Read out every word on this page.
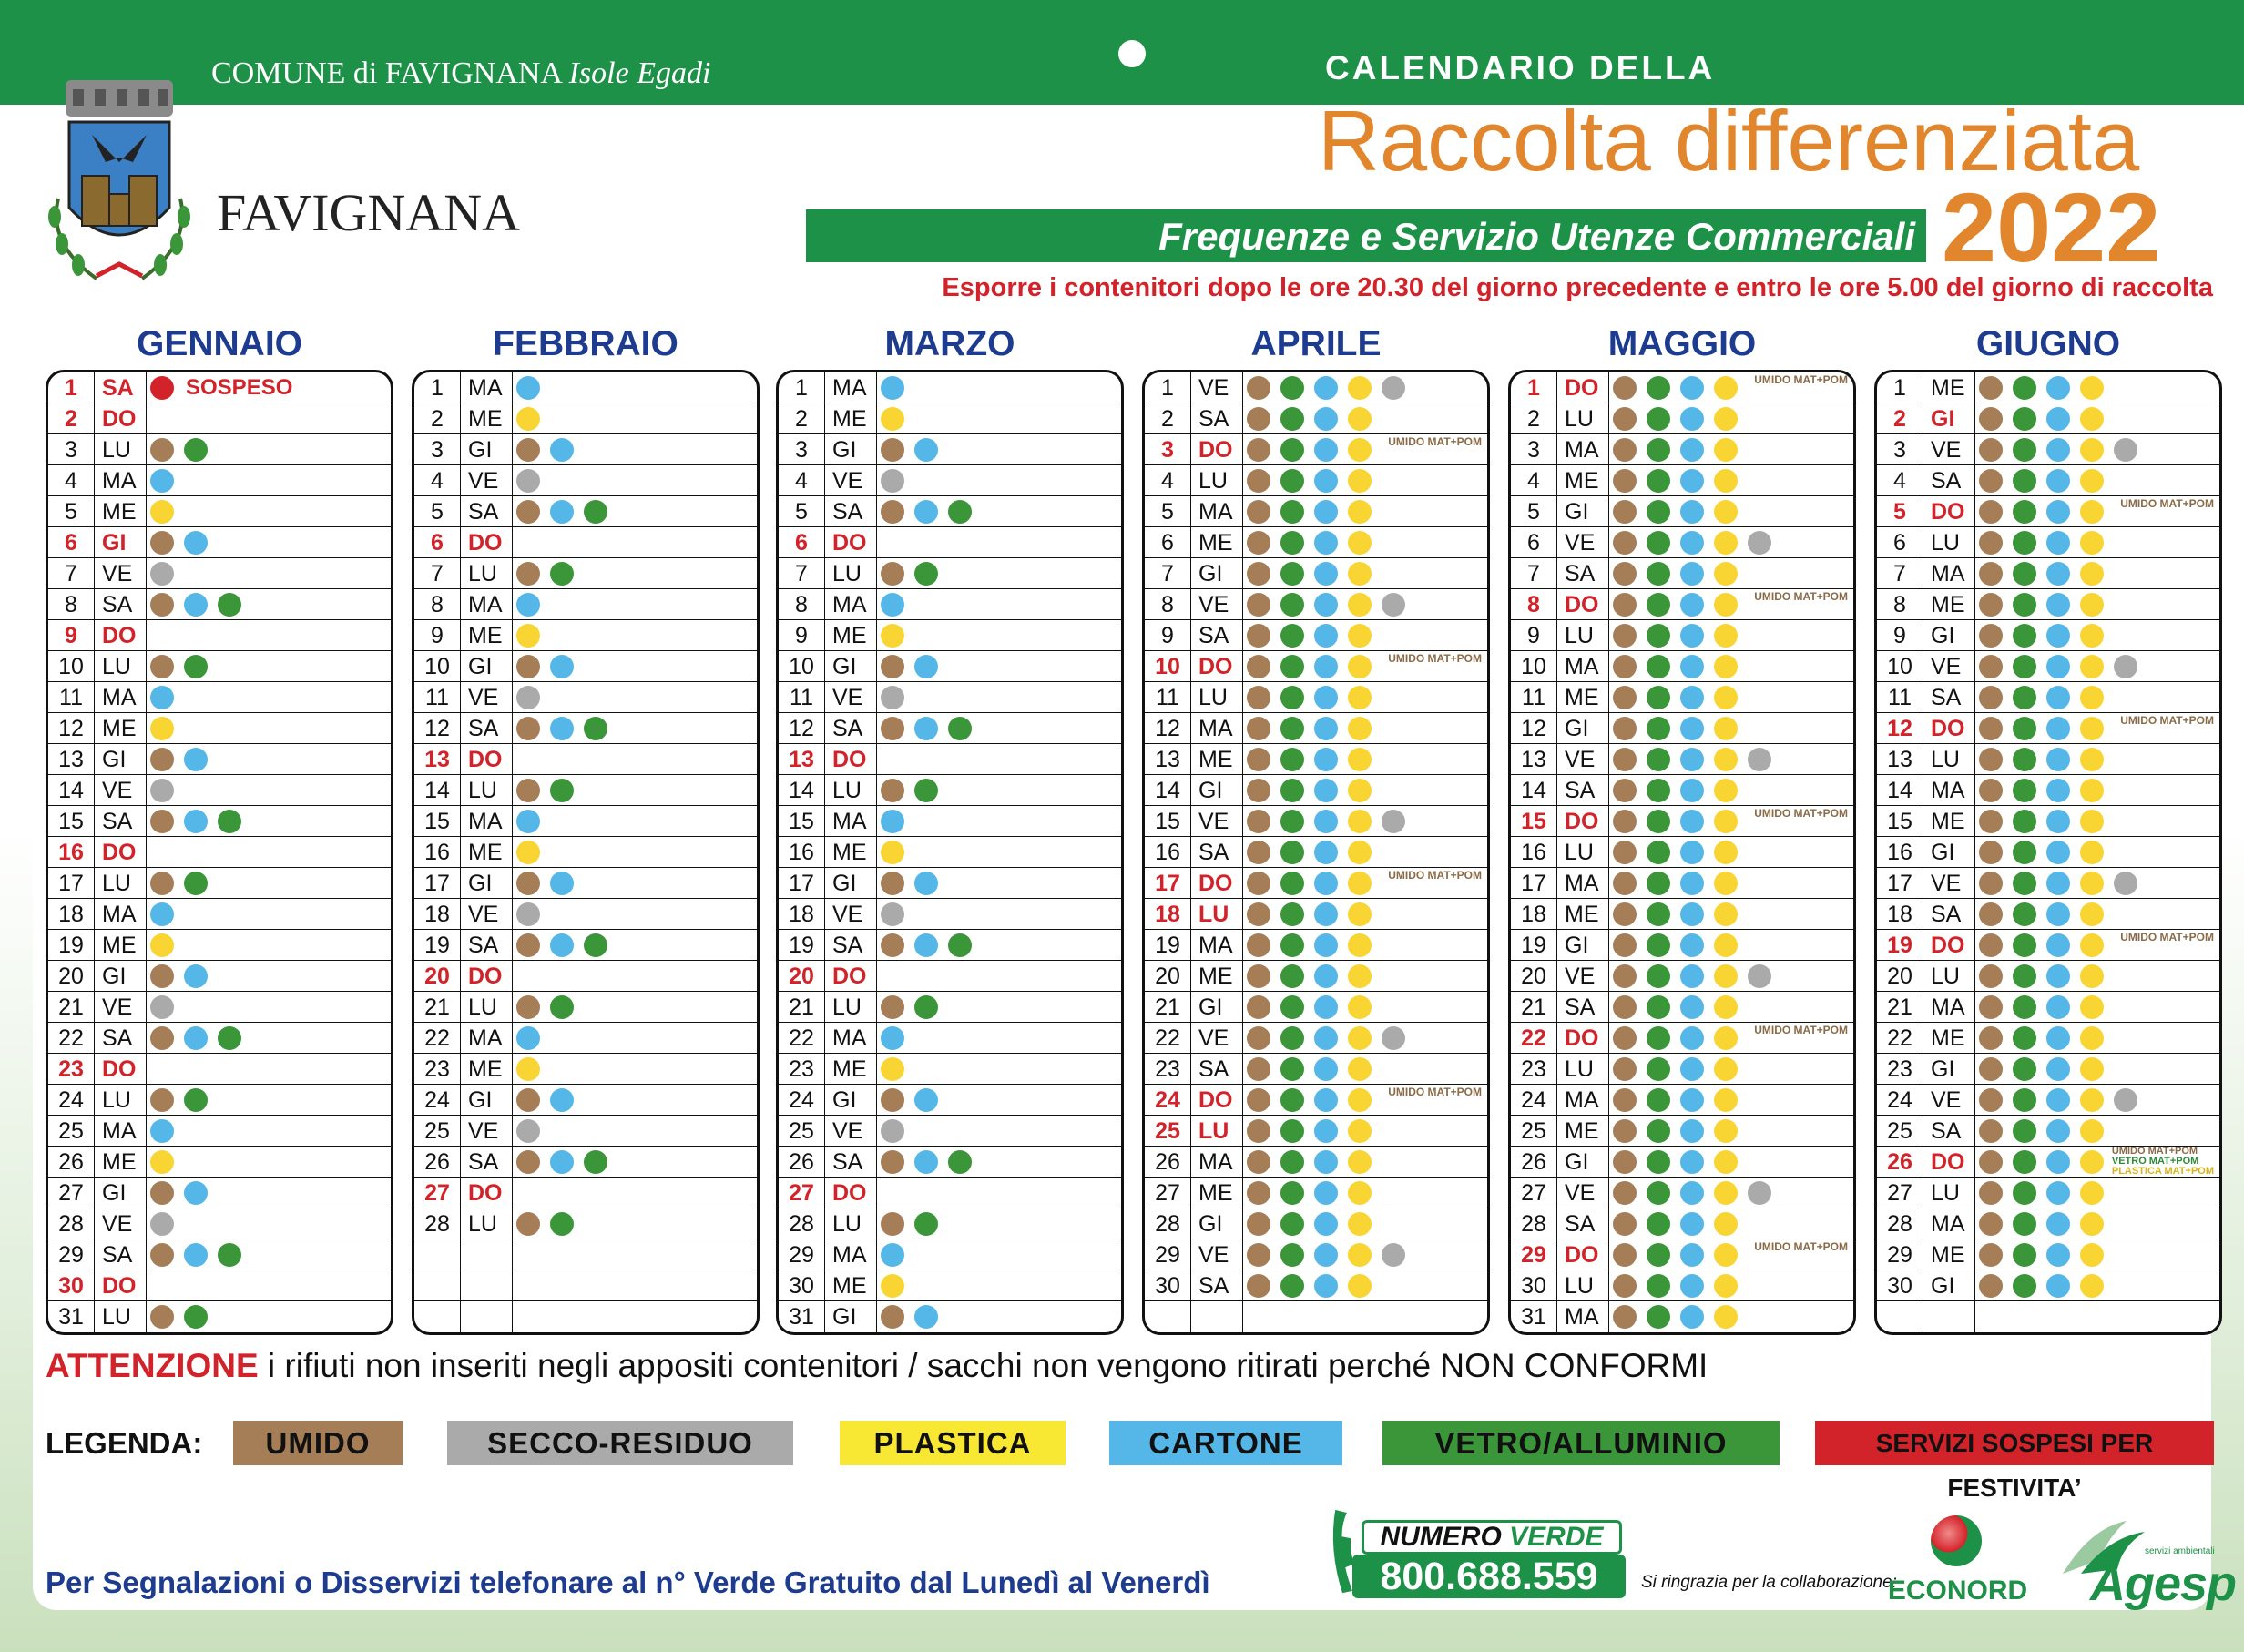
COMUNE di FAVIGNANA Isole Egadi	CALENDARIO DELLA
FAVIGNANA
Raccolta differenziata
Frequenze e Servizio Utenze Commerciali 2022
Esporre i contenitori dopo le ore 20.30 del giorno precedente e entro le ore 5.00 del giorno di raccolta
GENNAIO
1	SA	SOSPESO
2	DO
3	LU
4	MA
5	ME
6	GI
7	VE
8	SA
9	DO
10 LU
11 MA
12 ME
13 GI
14 VE
15 SA
16 DO
17 LU
18 MA
19 ME
20 GI
21 VE
22 SA
23 DO
24 LU
25 MA
26 ME
27 GI
28 VE
29 SA
30 DO
31 LU
FEBBRAIO
1	MA
2	ME
3	GI
4	VE
5	SA
6	DO
7	LU
8	MA
9	ME
10 GI
11 VE
12 SA
13 DO
14 LU
15 MA
16 ME
17 GI
18 VE
19 SA
20 DO
21 LU
22 MA
23 ME
24 GI
25 VE
26 SA
27 DO
28 LU
MARZO
1	MA
2	ME
3	GI
4	VE
5	SA
6	DO
7	LU
8	MA
9	ME
10 GI
11 VE
12 SA
13 DO
14 LU
15 MA
16 ME
17 GI
18 VE
19 SA
20 DO
21 LU
22 MA
23 ME
24 GI
25 VE
26 SA
27 DO
28 LU
29 MA
30 ME
31 GI
APRILE
1	VE
2	SA
3	DO	UMIDO MAT+POM
4	LU
5	MA
6	ME
7	GI
8	VE
9	SA
10 DO	UMIDO MAT+POM
11 LU
12 MA
13 ME
14 GI
15 VE
16 SA
17 DO	UMIDO MAT+POM
18 LU
19 MA
20 ME
21 GI
22 VE
23 SA
24 DO	UMIDO MAT+POM
25 LU
26 MA
27 ME
28 GI
29 VE
30 SA
MAGGIO
1	DO	UMIDO MAT+POM
2	LU
3	MA
4	ME
5	GI
6	VE
7	SA
8	DO	UMIDO MAT+POM
9	LU
10 MA
11 ME
12 GI
13 VE
14 SA
15 DO	UMIDO MAT+POM
16 LU
17 MA
18 ME
19 GI
20 VE
21 SA
22 DO	UMIDO MAT+POM
23 LU
24 MA
25 ME
26 GI
27 VE
28 SA
29 DO	UMIDO MAT+POM
30 LU
31 MA
GIUGNO
1	ME
2	GI
3	VE
4	SA
5	DO	UMIDO MAT+POM
6	LU
7	MA
8	ME
9	GI
10 VE
11 SA
12 DO	UMIDO MAT+POM
13 LU
14 MA
15 ME
16 GI
17 VE
18 SA
19 DO	UMIDO MAT+POM
20 LU
21 MA
22 ME
23 GI
24 VE
25 SA
26 DO	UMIDO MAT+POM
VETRO MAT+POM
PLASTICA MAT+POM
27 LU
28 MA
29 ME
30 GI
ATTENZIONE i rifiuti non inseriti negli appositi contenitori / sacchi non vengono ritirati perché NON CONFORMI
LEGENDA:	UMIDO	SECCO-RESIDUO	PLASTICA	CARTONE	VETRO/ALLUMINIO	SERVIZI SOSPESI PER FESTIVITA’
Per Segnalazioni o Disservizi telefonare al n° Verde Gratuito dal Lunedì al Venerdì
NUMERO VERDE
800.688.559	Si ringrazia per la collaborazione:
ECONORD
servizi ambientali
Agesp
